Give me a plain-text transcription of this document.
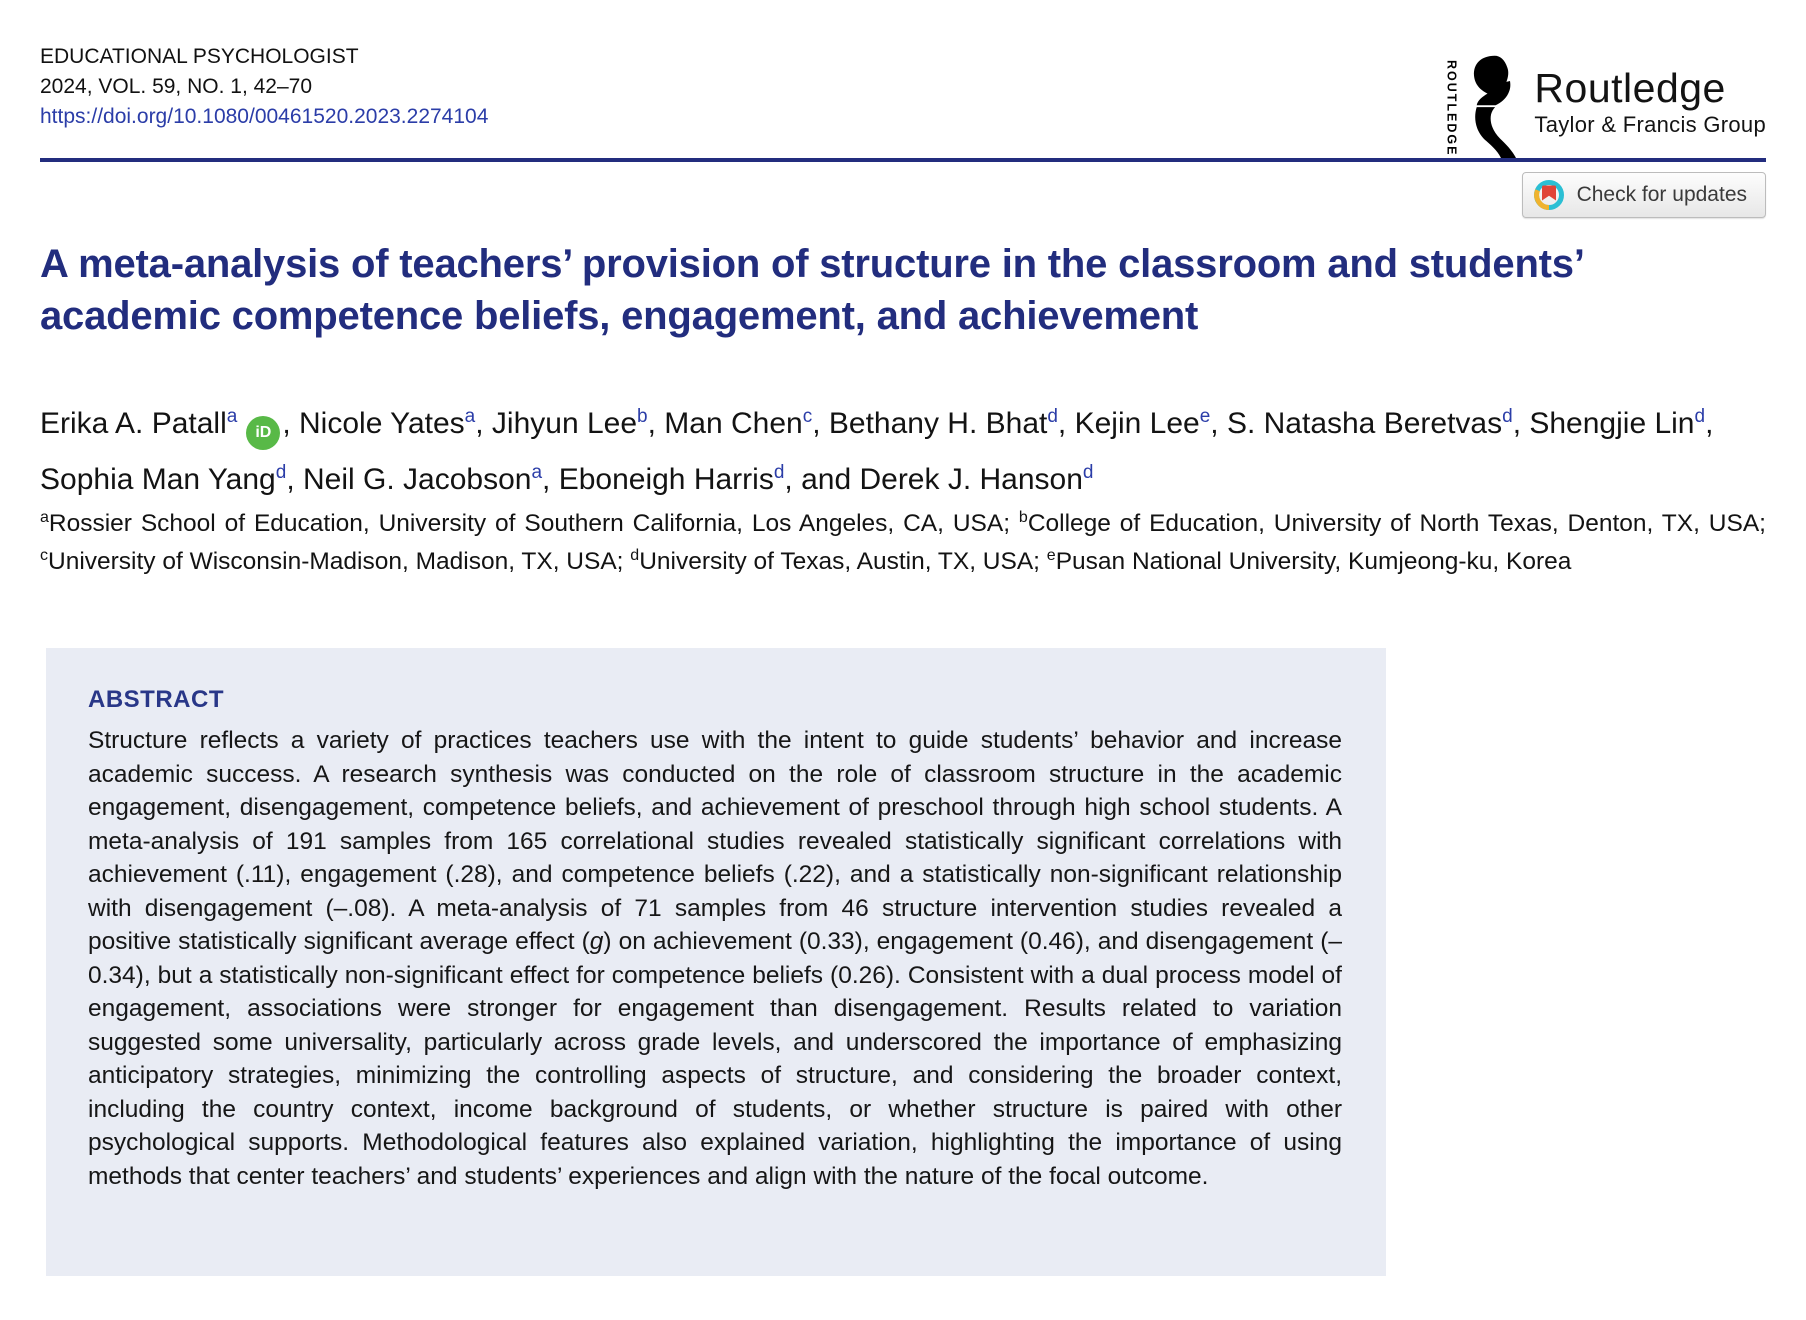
EDUCATIONAL PSYCHOLOGIST
2024, VOL. 59, NO. 1, 42–70
https://doi.org/10.1080/00461520.2023.2274104	ROUTLEDGE Routledge
Taylor & Francis Group
Check for updates
A meta-analysis of teachers’ provision of structure in the classroom and students’ academic competence beliefs, engagement, and achievement
Erika A. Patall$^a$iD , Nicole Yates$^a$, Jihyun Lee$^b$, Man Chen$^c$, Bethany H. Bhat$^d$, Kejin Lee$^e$, S. Natasha Beretvas$^d$, Shengjie Lin$^d$, Sophia Man Yang$^d$, Neil G. Jacobson$^a$, Eboneigh Harris$^d$, and Derek J. Hanson$^d$
$^a$Rossier School of Education, University of Southern California, Los Angeles, CA, USA; $^b$College of Education, University of North Texas, Denton, TX, USA; $^c$University of Wisconsin-Madison, Madison, TX, USA; $^d$University of Texas, Austin, TX, USA; $^e$Pusan National University, Kumjeong-ku, Korea
ABSTRACT
Structure reflects a variety of practices teachers use with the intent to guide students’ behavior and increase academic success. A research synthesis was conducted on the role of classroom structure in the academic engagement, disengagement, competence beliefs, and achievement of preschool through high school students. A meta-analysis of 191 samples from 165 correlational studies revealed statistically significant correlations with achievement (.11), engagement (.28), and competence beliefs (.22), and a statistically non-significant relationship with disengagement (–.08). A meta-analysis of 71 samples from 46 structure intervention studies revealed a positive statistically significant average effect (g) on achievement (0.33), engagement (0.46), and disengagement (–0.34), but a statistically non-significant effect for competence beliefs (0.26). Consistent with a dual process model of engagement, associations were stronger for engagement than disengagement. Results related to variation suggested some universality, particularly across grade levels, and underscored the importance of emphasizing anticipatory strategies, minimizing the controlling aspects of structure, and considering the broader context, including the country context, income background of students, or whether structure is paired with other psychological supports. Methodological features also explained variation, highlighting the importance of using methods that center teachers’ and students’ experiences and align with the nature of the focal outcome.
